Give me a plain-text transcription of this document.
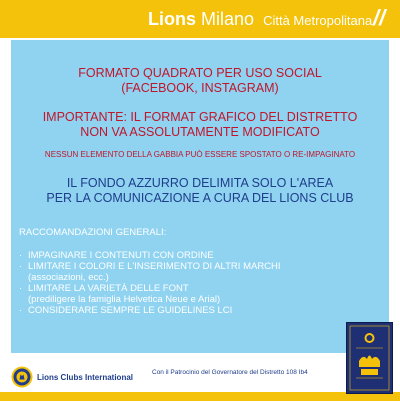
Lions Milano Città Metropolitana //

FORMATO QUADRATO PER USO SOCIAL

(FACEBOOK, INSTAGRAM)

IMPORTANTE: IL FORMAT GRAFICO DEL DISTRETTO

NON VA ASSOLUTAMENTE MODIFICATO

NESSUN ELEMENTO DELLA GABBIA PUÒ ESSERE SPOSTATO O RE-IMPAGINATO

IL FONDO AZZURRO DELIMITA SOLO L'AREA

PER LA COMUNICAZIONE A CURA DEL LIONS CLUB

RACCOMANDAZIONI GENERALI:

· IMPAGINARE I CONTENUTI CON ORDINE
· LIMITARE I COLORI E L'INSERIMENTO DI ALTRI MARCHI
(associazioni, ecc.)
· LIMITARE LA VARIETÀ DELLE FONT
(prediligere la famiglia Helvetica Neue e Arial)
· CONSIDERARE SEMPRE LE GUIDELINES LCI
Lions Clubs International
Con il Patrocinio del Governatore del Distretto 108 Ib4
